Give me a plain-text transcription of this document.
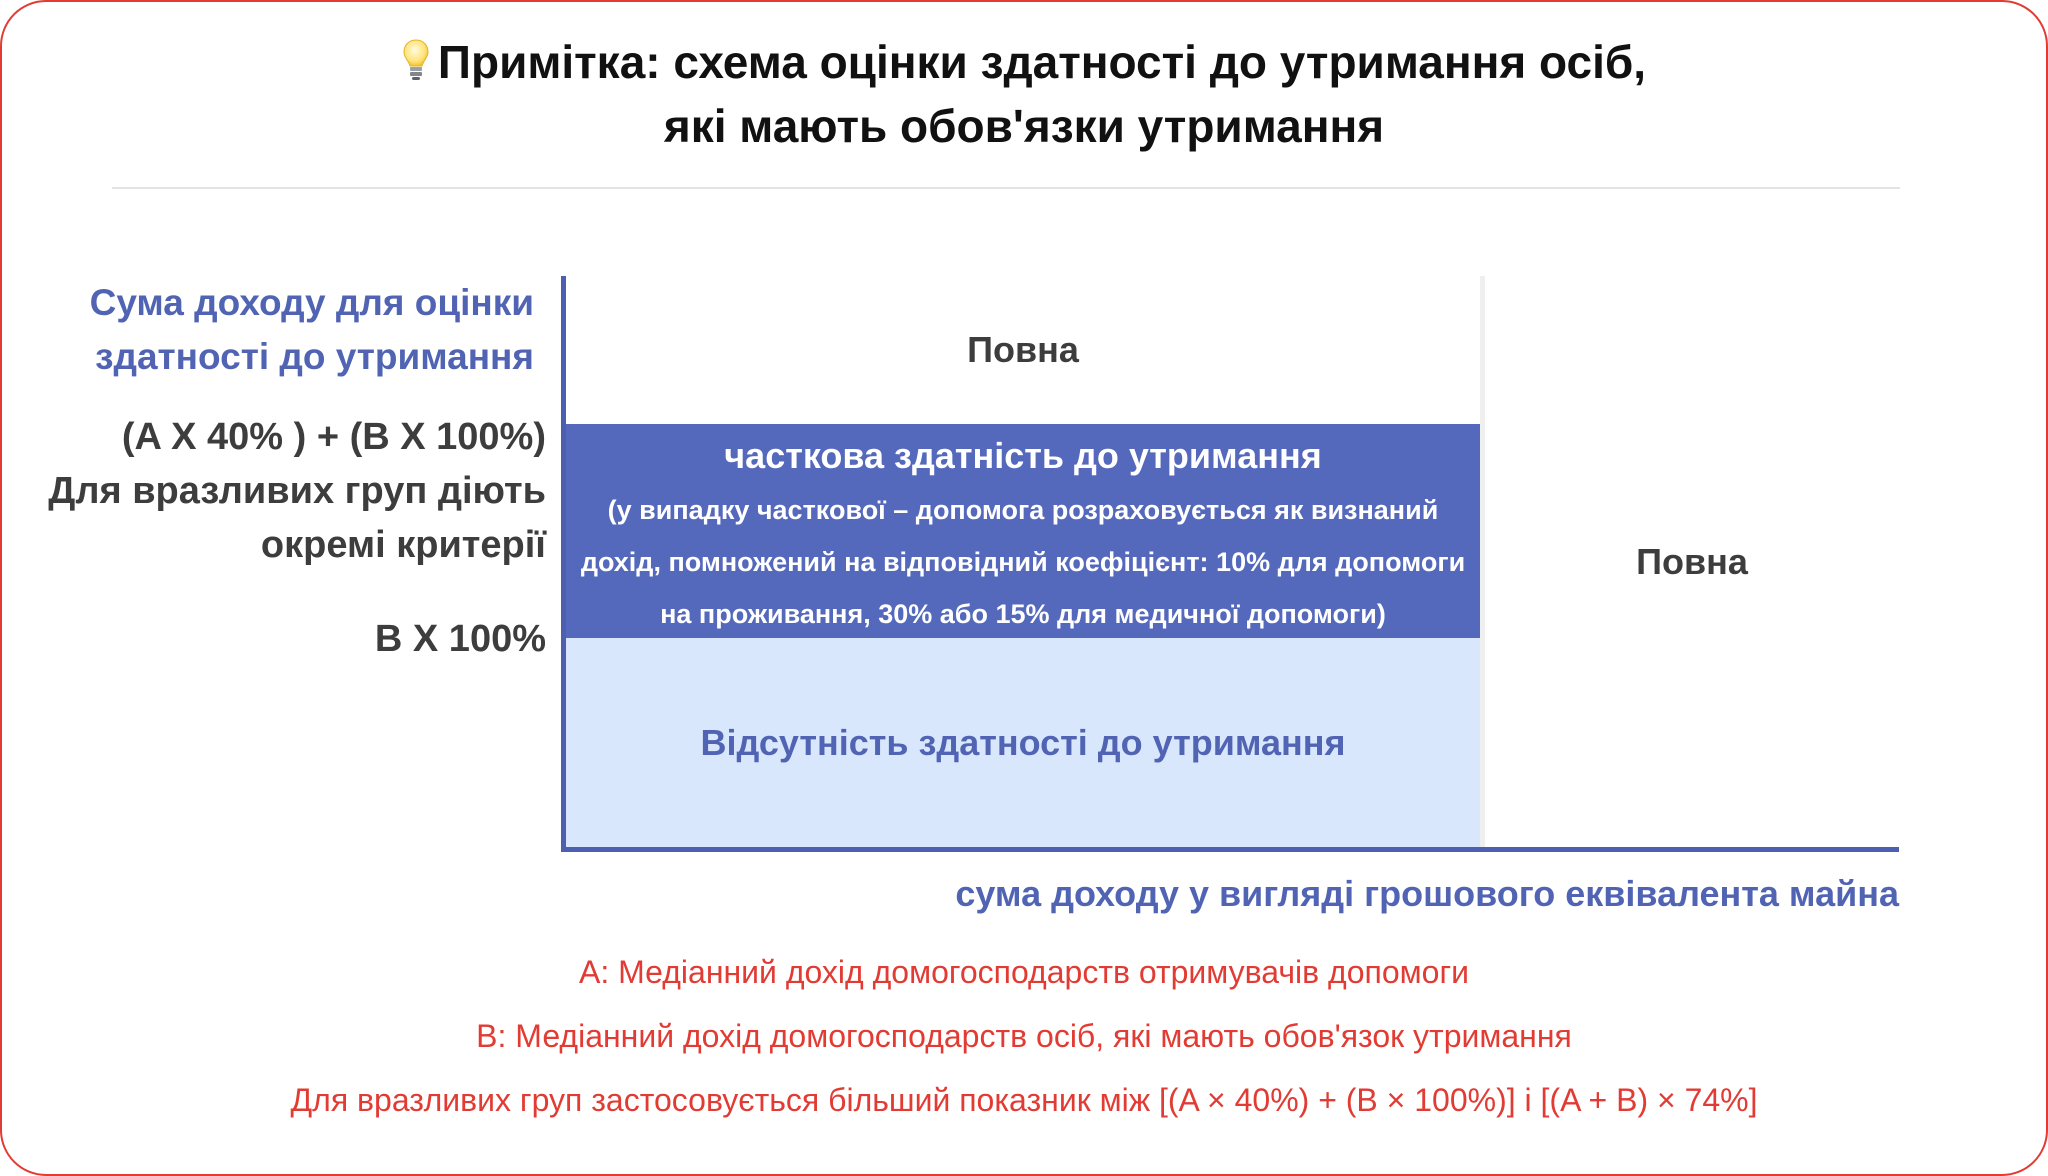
Примітка: схема оцінки здатності до утримання осіб,
які мають обов'язки утримання
Сума доходу для оцінки
здатності до утримання
(A X 40% ) + (B X 100%)
Для вразливих груп діють
окремі критерії
B X 100%
Повна
часткова здатність до утримання
(у випадку часткової – допомога розраховується як визнаний
дохід, помножений на відповідний коефіцієнт: 10% для допомоги
на проживання, 30% або 15% для медичної допомоги)
Відсутність здатності до утримання
Повна
сума доходу у вигляді грошового еквівалента майна
A: Медіанний дохід домогосподарств отримувачів допомоги
B: Медіанний дохід домогосподарств осіб, які мають обов'язок утримання
Для вразливих груп застосовується більший показник між [(A × 40%) + (B × 100%)] і [(A + B) × 74%]
